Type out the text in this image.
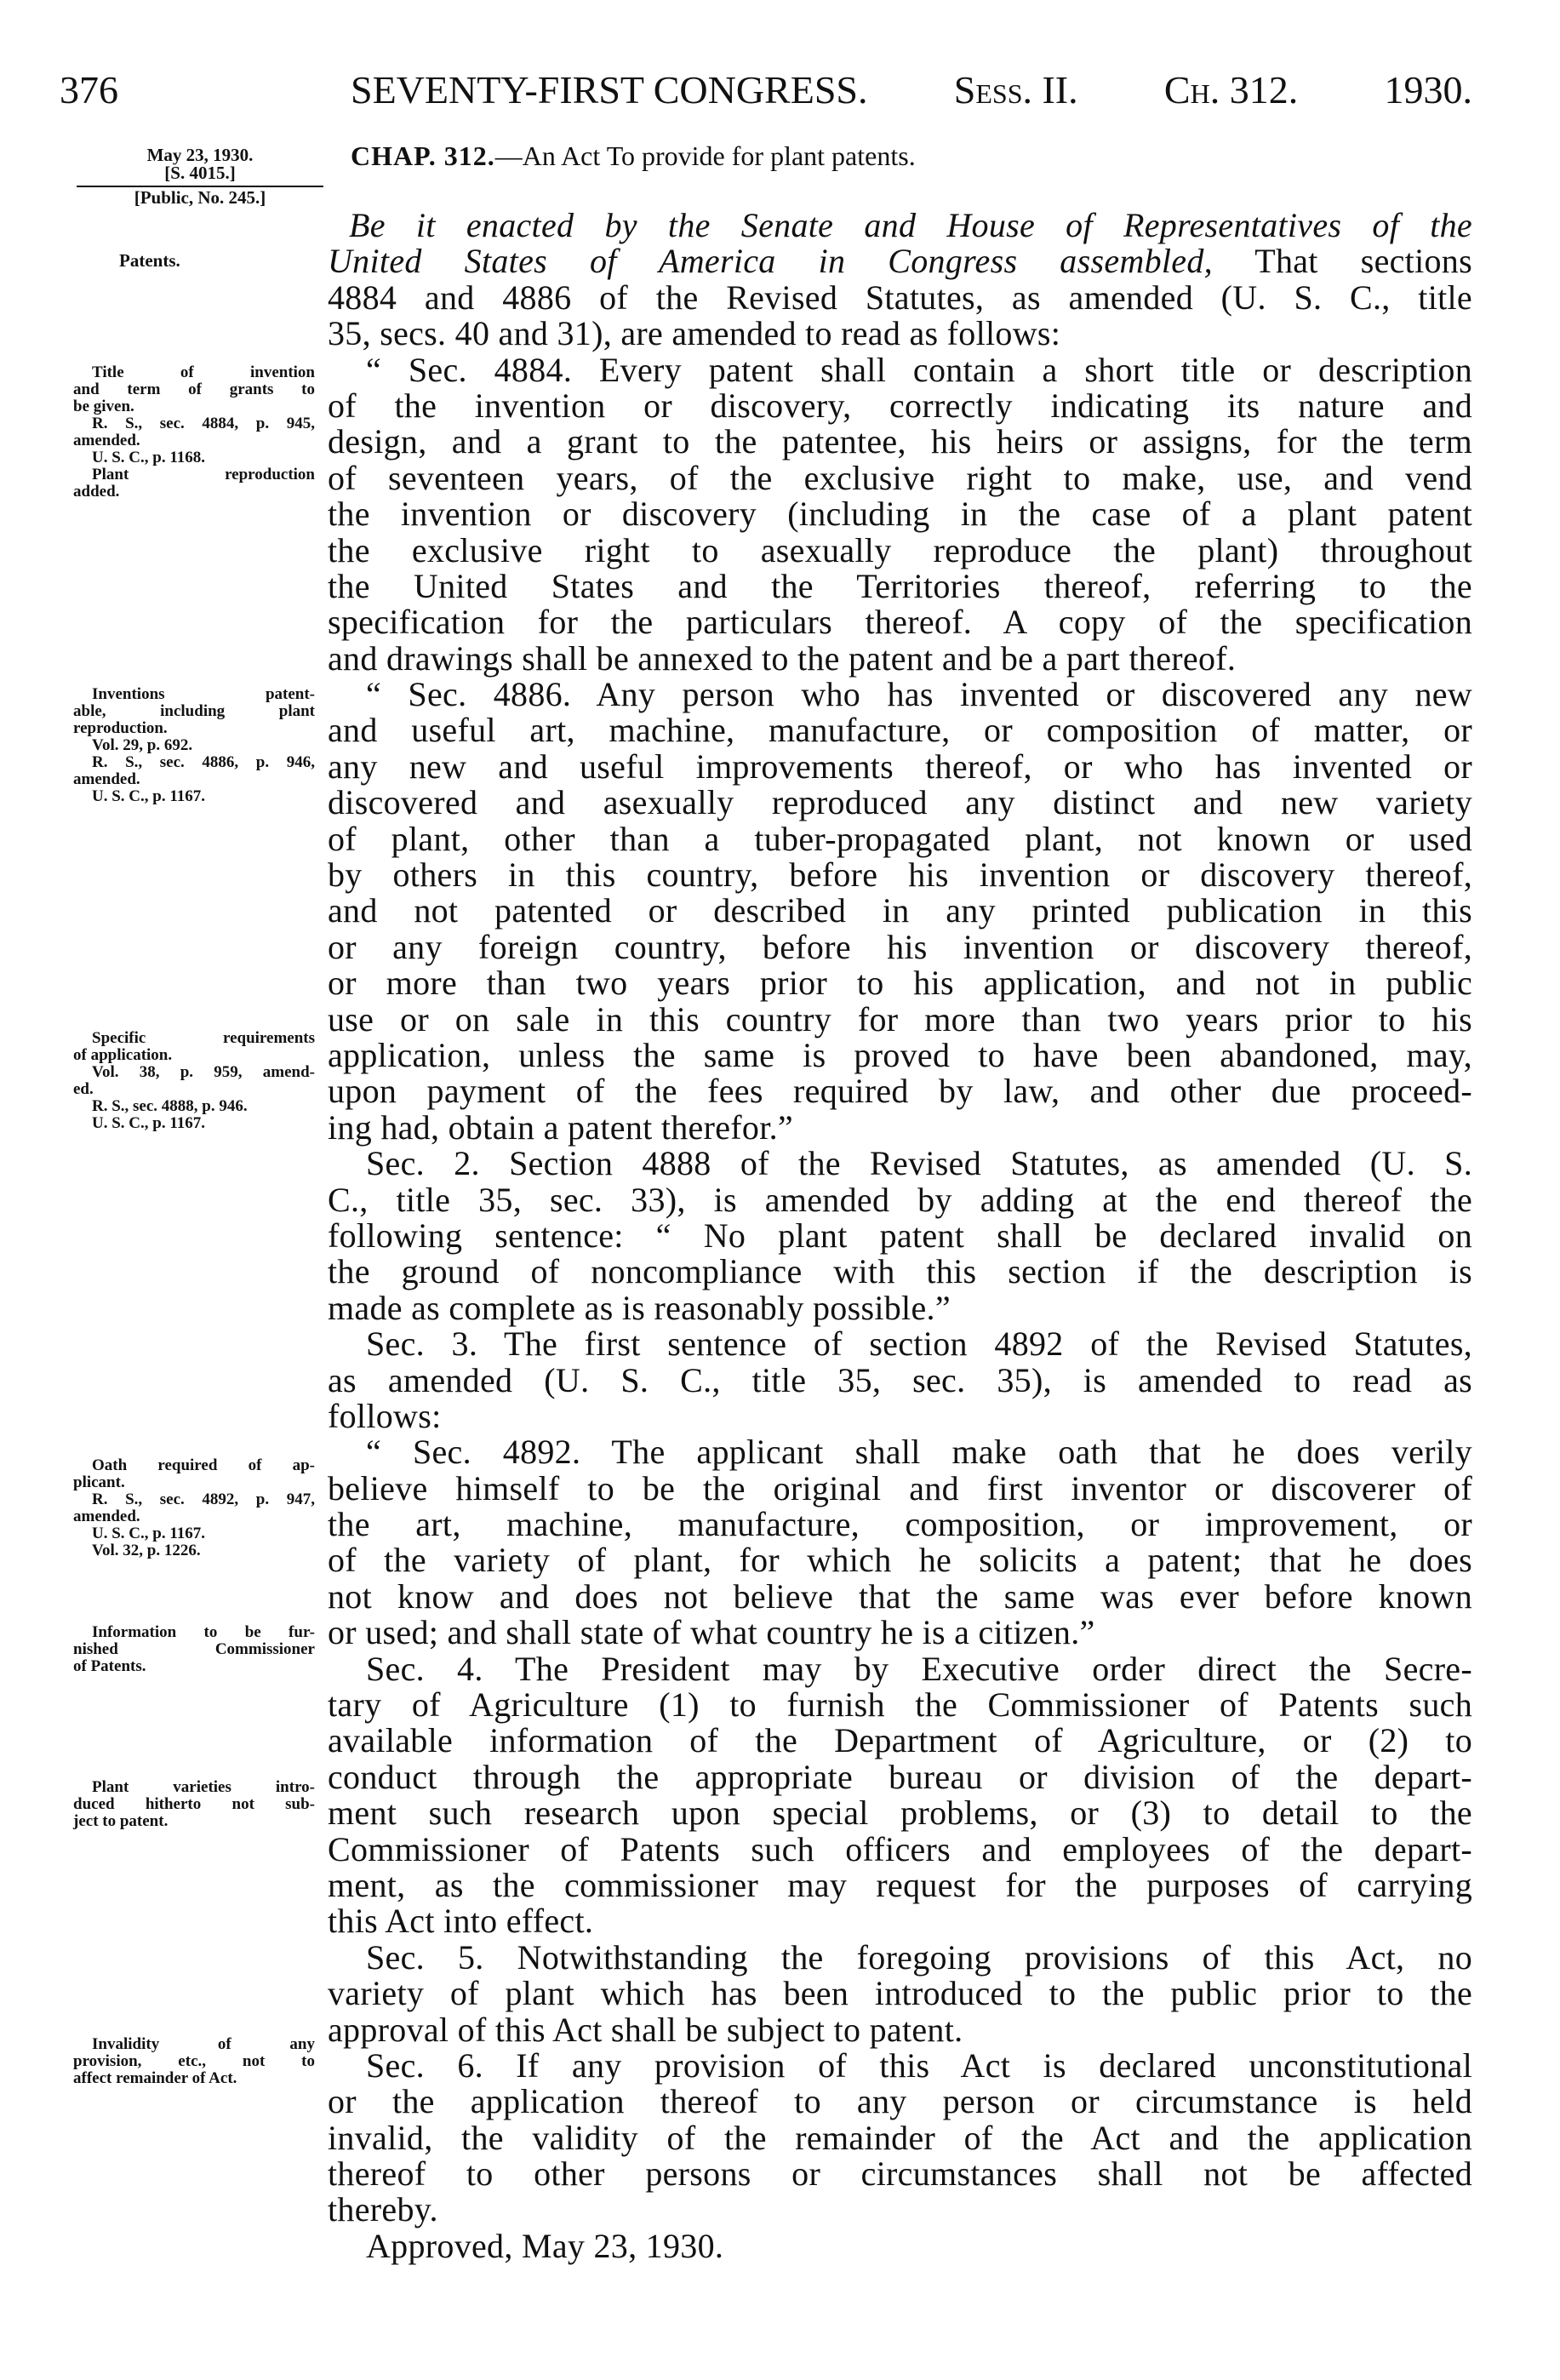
376	SEVENTY-FIRST CONGRESS. Sess. II. Ch. 312. 1930.
CHAP. 312.—An Act To provide for plant patents.
May 23, 1930.
[S. 4015.]
[Public, No. 245.]
Patents.
Title of invention
and term of grants to
be given.
R. S., sec. 4884, p. 945,
amended.
U. S. C., p. 1168.
Plant reproduction
added.
Inventions patent-
able, including plant
reproduction.
Vol. 29, p. 692.
R. S., sec. 4886, p. 946,
amended.
U. S. C., p. 1167.
Specific requirements
of application.
Vol. 38, p. 959, amend-
ed.
R. S., sec. 4888, p. 946.
U. S. C., p. 1167.
Oath required of ap-
plicant.
R. S., sec. 4892, p. 947,
amended.
U. S. C., p. 1167.
Vol. 32, p. 1226.
Information to be fur-
nished Commissioner
of Patents.
Plant varieties intro-
duced hitherto not sub-
ject to patent.
Invalidity of any
provision, etc., not to
affect remainder of Act.
Be it enacted by the Senate and House of Representatives of the
United States of America in Congress assembled, That sections
4884 and 4886 of the Revised Statutes, as amended (U. S. C., title
35, secs. 40 and 31), are amended to read as follows:
“ Sec. 4884. Every patent shall contain a short title or description
of the invention or discovery, correctly indicating its nature and
design, and a grant to the patentee, his heirs or assigns, for the term
of seventeen years, of the exclusive right to make, use, and vend
the invention or discovery (including in the case of a plant patent
the exclusive right to asexually reproduce the plant) throughout
the United States and the Territories thereof, referring to the
specification for the particulars thereof. A copy of the specification
and drawings shall be annexed to the patent and be a part thereof.
“ Sec. 4886. Any person who has invented or discovered any new
and useful art, machine, manufacture, or composition of matter, or
any new and useful improvements thereof, or who has invented or
discovered and asexually reproduced any distinct and new variety
of plant, other than a tuber-propagated plant, not known or used
by others in this country, before his invention or discovery thereof,
and not patented or described in any printed publication in this
or any foreign country, before his invention or discovery thereof,
or more than two years prior to his application, and not in public
use or on sale in this country for more than two years prior to his
application, unless the same is proved to have been abandoned, may,
upon payment of the fees required by law, and other due proceed-
ing had, obtain a patent therefor.”
Sec. 2. Section 4888 of the Revised Statutes, as amended (U. S.
C., title 35, sec. 33), is amended by adding at the end thereof the
following sentence: “ No plant patent shall be declared invalid on
the ground of noncompliance with this section if the description is
made as complete as is reasonably possible.”
Sec. 3. The first sentence of section 4892 of the Revised Statutes,
as amended (U. S. C., title 35, sec. 35), is amended to read as
follows:
“ Sec. 4892. The applicant shall make oath that he does verily
believe himself to be the original and first inventor or discoverer of
the art, machine, manufacture, composition, or improvement, or
of the variety of plant, for which he solicits a patent; that he does
not know and does not believe that the same was ever before known
or used; and shall state of what country he is a citizen.”
Sec. 4. The President may by Executive order direct the Secre-
tary of Agriculture (1) to furnish the Commissioner of Patents such
available information of the Department of Agriculture, or (2) to
conduct through the appropriate bureau or division of the depart-
ment such research upon special problems, or (3) to detail to the
Commissioner of Patents such officers and employees of the depart-
ment, as the commissioner may request for the purposes of carrying
this Act into effect.
Sec. 5. Notwithstanding the foregoing provisions of this Act, no
variety of plant which has been introduced to the public prior to the
approval of this Act shall be subject to patent.
Sec. 6. If any provision of this Act is declared unconstitutional
or the application thereof to any person or circumstance is held
invalid, the validity of the remainder of the Act and the application
thereof to other persons or circumstances shall not be affected
thereby.
Approved, May 23, 1930.
